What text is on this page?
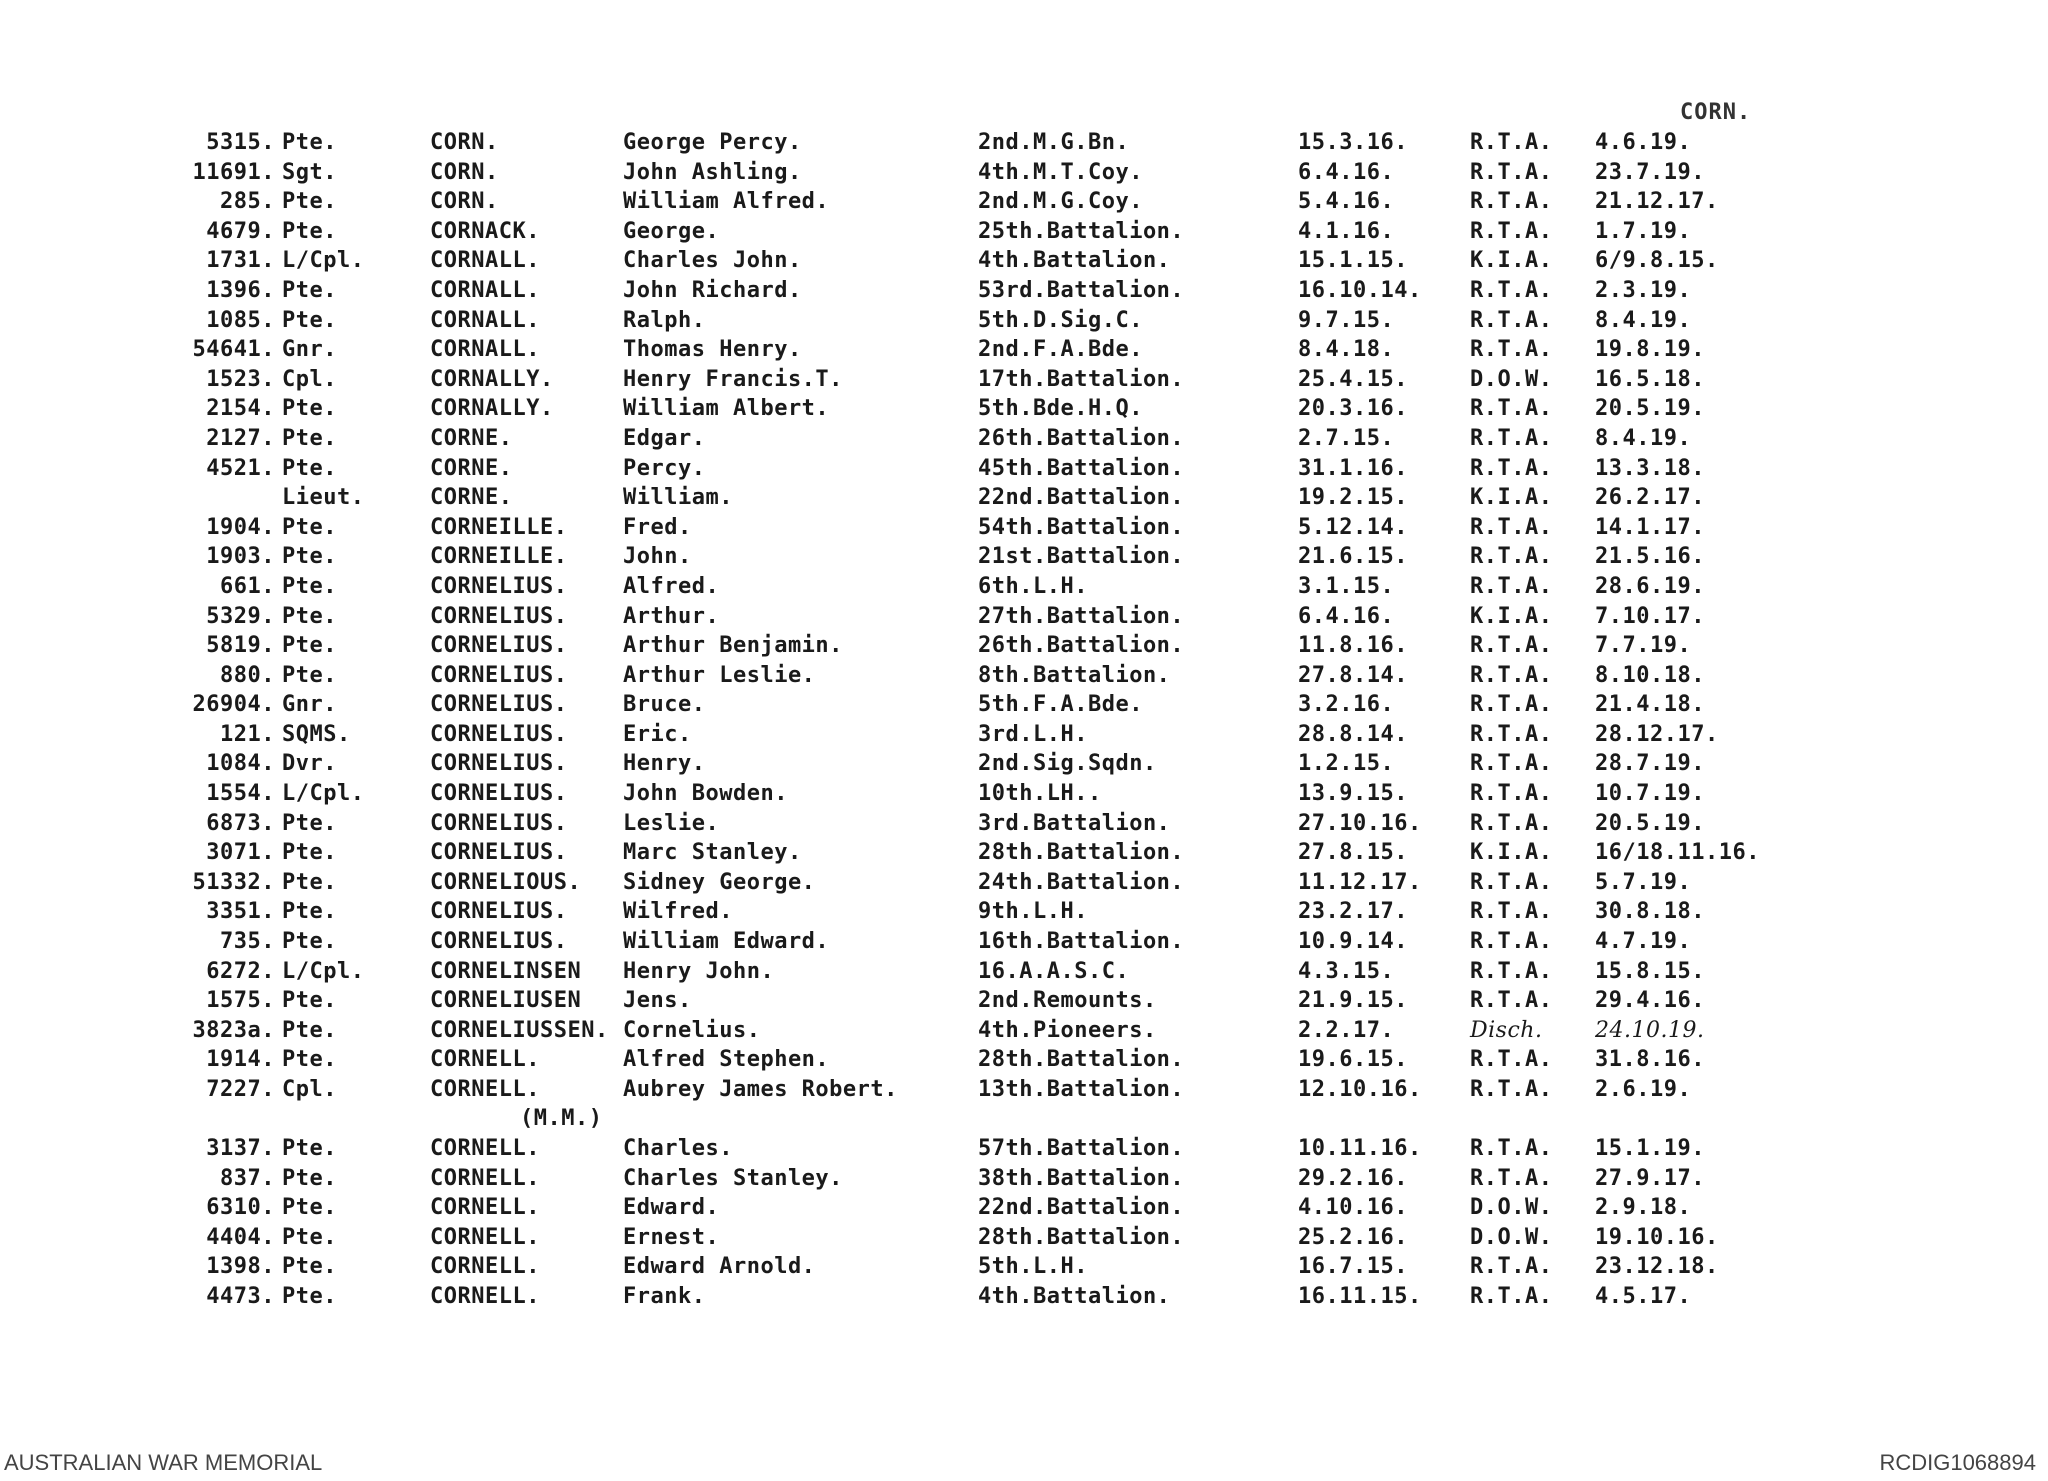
CORN.
5315. Pte.	CORN.	George Percy.	2nd.M.G.Bn.	15.3.16.	R.T.A. 4.6.19.
11691. Sgt.	CORN.	John Ashling.	4th.M.T.Coy.	6.4.16.	R.T.A. 23.7.19.
285. Pte.	CORN.	William Alfred.	2nd.M.G.Coy.	5.4.16.	R.T.A. 21.12.17.
4679. Pte.	CORNACK.	George.	25th.Battalion.	4.1.16.	R.T.A. 1.7.19.
1731. L/Cpl.	CORNALL.	Charles John.	4th.Battalion.	15.1.15.	K.I.A. 6/9.8.15.
1396. Pte.	CORNALL.	John Richard.	53rd.Battalion.	16.10.14. R.T.A. 2.3.19.
1085. Pte.	CORNALL.	Ralph.	5th.D.Sig.C.	9.7.15.	R.T.A. 8.4.19.
54641. Gnr.	CORNALL.	Thomas Henry.	2nd.F.A.Bde.	8.4.18.	R.T.A. 19.8.19.
1523. Cpl.	CORNALLY.	Henry Francis.T.	17th.Battalion.	25.4.15.	D.O.W. 16.5.18.
2154. Pte.	CORNALLY.	William Albert.	5th.Bde.H.Q.	20.3.16.	R.T.A. 20.5.19.
2127. Pte.	CORNE.	Edgar.	26th.Battalion.	2.7.15.	R.T.A. 8.4.19.
4521. Pte.	CORNE.	Percy.	45th.Battalion.	31.1.16.	R.T.A. 13.3.18.
Lieut.	CORNE.	William.	22nd.Battalion.	19.2.15.	K.I.A. 26.2.17.
1904. Pte.	CORNEILLE.	Fred.	54th.Battalion.	5.12.14.	R.T.A. 14.1.17.
1903. Pte.	CORNEILLE.	John.	21st.Battalion.	21.6.15.	R.T.A. 21.5.16.
661. Pte.	CORNELIUS.	Alfred.	6th.L.H.	3.1.15.	R.T.A. 28.6.19.
5329. Pte.	CORNELIUS.	Arthur.	27th.Battalion.	6.4.16.	K.I.A. 7.10.17.
5819. Pte.	CORNELIUS.	Arthur Benjamin.	26th.Battalion.	11.8.16.	R.T.A. 7.7.19.
880. Pte.	CORNELIUS.	Arthur Leslie.	8th.Battalion.	27.8.14.	R.T.A. 8.10.18.
26904. Gnr.	CORNELIUS.	Bruce.	5th.F.A.Bde.	3.2.16.	R.T.A. 21.4.18.
121. SQMS.	CORNELIUS.	Eric.	3rd.L.H.	28.8.14.	R.T.A. 28.12.17.
1084. Dvr.	CORNELIUS.	Henry.	2nd.Sig.Sqdn.	1.2.15.	R.T.A. 28.7.19.
1554. L/Cpl.	CORNELIUS.	John Bowden.	10th.LH..	13.9.15.	R.T.A. 10.7.19.
6873. Pte.	CORNELIUS.	Leslie.	3rd.Battalion.	27.10.16. R.T.A. 20.5.19.
3071. Pte.	CORNELIUS.	Marc Stanley.	28th.Battalion.	27.8.15.	K.I.A. 16/18.11.16.
51332. Pte.	CORNELIOUS. Sidney George.	24th.Battalion.	11.12.17. R.T.A. 5.7.19.
3351. Pte.	CORNELIUS.	Wilfred.	9th.L.H.	23.2.17.	R.T.A. 30.8.18.
735. Pte.	CORNELIUS.	William Edward.	16th.Battalion.	10.9.14.	R.T.A. 4.7.19.
6272. L/Cpl.	CORNELINSEN Henry John.	16.A.A.S.C.	4.3.15.	R.T.A. 15.8.15.
1575. Pte.	CORNELIUSEN Jens.	2nd.Remounts.	21.9.15.	R.T.A. 29.4.16.
3823a. Pte.	CORNELIUSSEN. Cornelius.	4th.Pioneers.	2.2.17.	Disch. 24.10.19.
1914. Pte.	CORNELL.	Alfred Stephen.	28th.Battalion.	19.6.15.	R.T.A. 31.8.16.
7227. Cpl.	CORNELL.	Aubrey James Robert.	13th.Battalion.	12.10.16. R.T.A. 2.6.19.
(M.M.)
3137. Pte.	CORNELL.	Charles.	57th.Battalion.	10.11.16. R.T.A. 15.1.19.
837. Pte.	CORNELL.	Charles Stanley.	38th.Battalion.	29.2.16.	R.T.A. 27.9.17.
6310. Pte.	CORNELL.	Edward.	22nd.Battalion.	4.10.16.	D.O.W. 2.9.18.
4404. Pte.	CORNELL.	Ernest.	28th.Battalion.	25.2.16.	D.O.W. 19.10.16.
1398. Pte.	CORNELL.	Edward Arnold.	5th.L.H.	16.7.15.	R.T.A. 23.12.18.
4473. Pte.	CORNELL.	Frank.	4th.Battalion.	16.11.15. R.T.A. 4.5.17.
AUSTRALIAN WAR MEMORIAL	RCDIG1068894
